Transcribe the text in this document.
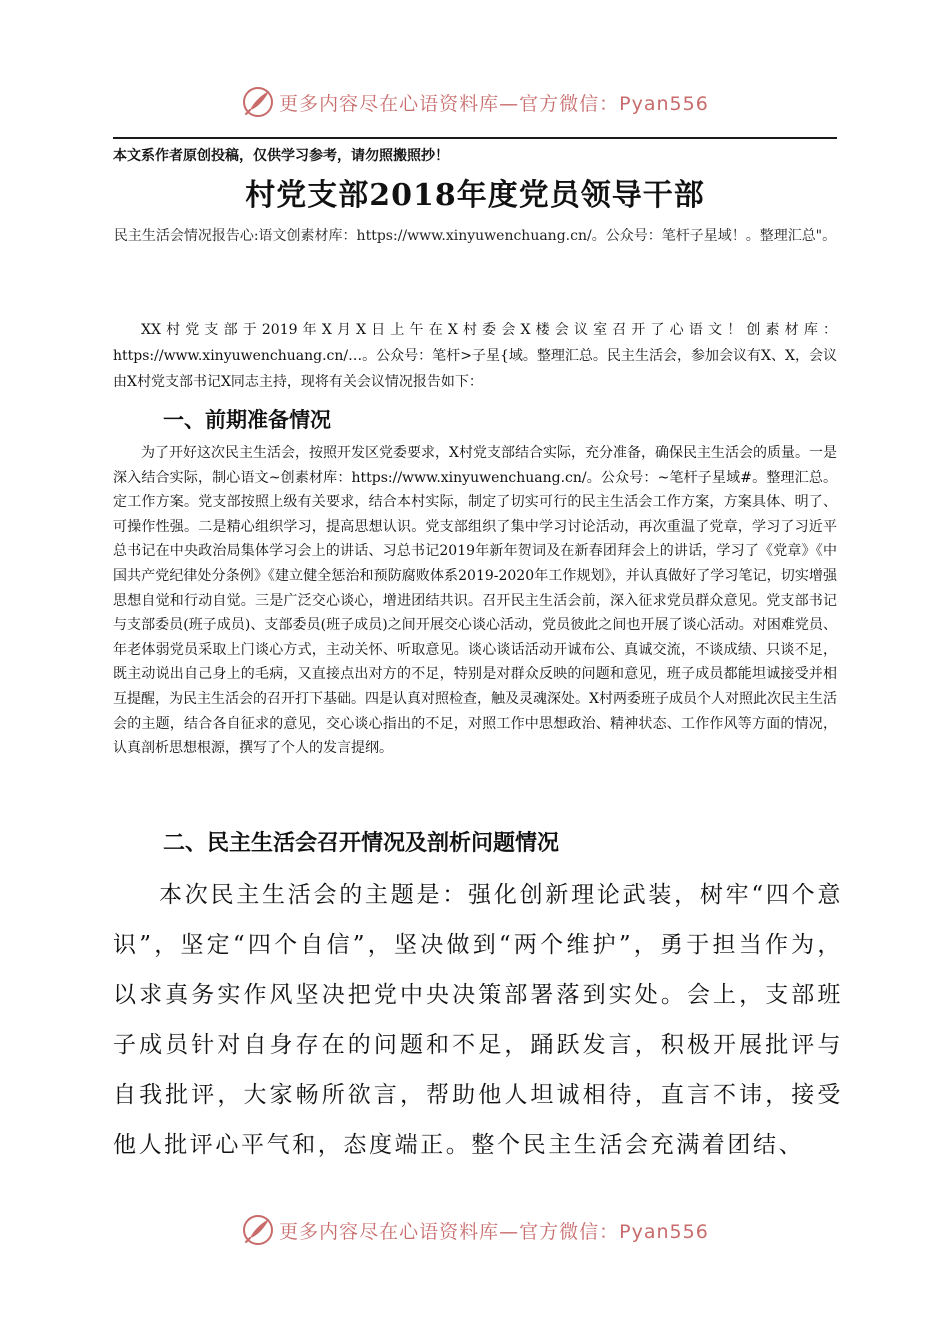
更多内容尽在心语资料库—官方微信：Pyan556
本文系作者原创投稿，仅供学习参考，请勿照搬照抄！
村党支部2018年度党员领导干部
民主生活会情况报告心:语文创素材库：https://www.xinyuwenchuang.cn/。公众号：笔杆子星域！。整理汇总"。

XX村党支部于2019年X月X日上午在X村委会X楼会议室召开了心语文！创素材库：https://www.xinyuwenchuang.cn/…。公众号：笔杆>子星{域。整理汇总。民主生活会，参加会议有X、X，会议由X村党支部书记X同志主持，现将有关会议情况报告如下：

一、前期准备情况

为了开好这次民主生活会，按照开发区党委要求，X村党支部结合实际，充分准备，确保民主生活会的质量。一是深入结合实际，制心语文~创素材库：https://www.xinyuwenchuang.cn/。公众号：~笔杆子星域#。整理汇总。定工作方案。党支部按照上级有关要求，结合本村实际，制定了切实可行的民主生活会工作方案，方案具体、明了、可操作性强。二是精心组织学习，提高思想认识。党支部组织了集中学习讨论活动，再次重温了党章，学习了习近平总书记在中央政治局集体学习会上的讲话、习总书记2019年新年贺词及在新春团拜会上的讲话，学习了《党章》《中国共产党纪律处分条例》《建立健全惩治和预防腐败体系2019-2020年工作规划》，并认真做好了学习笔记，切实增强思想自觉和行动自觉。三是广泛交心谈心，增进团结共识。召开民主生活会前，深入征求党员群众意见。党支部书记与支部委员(班子成员)、支部委员(班子成员)之间开展交心谈心活动，党员彼此之间也开展了谈心活动。对困难党员、年老体弱党员采取上门谈心方式，主动关怀、听取意见。谈心谈话活动开诚布公、真诚交流，不谈成绩、只谈不足，既主动说出自己身上的毛病，又直接点出对方的不足，特别是对群众反映的问题和意见，班子成员都能坦诚接受并相互提醒，为民主生活会的召开打下基础。四是认真对照检查，触及灵魂深处。X村两委班子成员个人对照此次民主生活会的主题，结合各自征求的意见，交心谈心指出的不足，对照工作中思想政治、精神状态、工作作风等方面的情况，认真剖析思想根源，撰写了个人的发言提纲。

二、民主生活会召开情况及剖析问题情况

本次民主生活会的主题是：强化创新理论武装，树牢“四个意识”，坚定“四个自信”，坚决做到“两个维护”，勇于担当作为，以求真务实作风坚决把党中央决策部署落到实处。会上，支部班子成员针对自身存在的问题和不足，踊跃发言，积极开展批评与自我批评，大家畅所欲言，帮助他人坦诚相待，直言不讳，接受他人批评心平气和，态度端正。整个民主生活会充满着团结、

更多内容尽在心语资料库—官方微信：Pyan556
